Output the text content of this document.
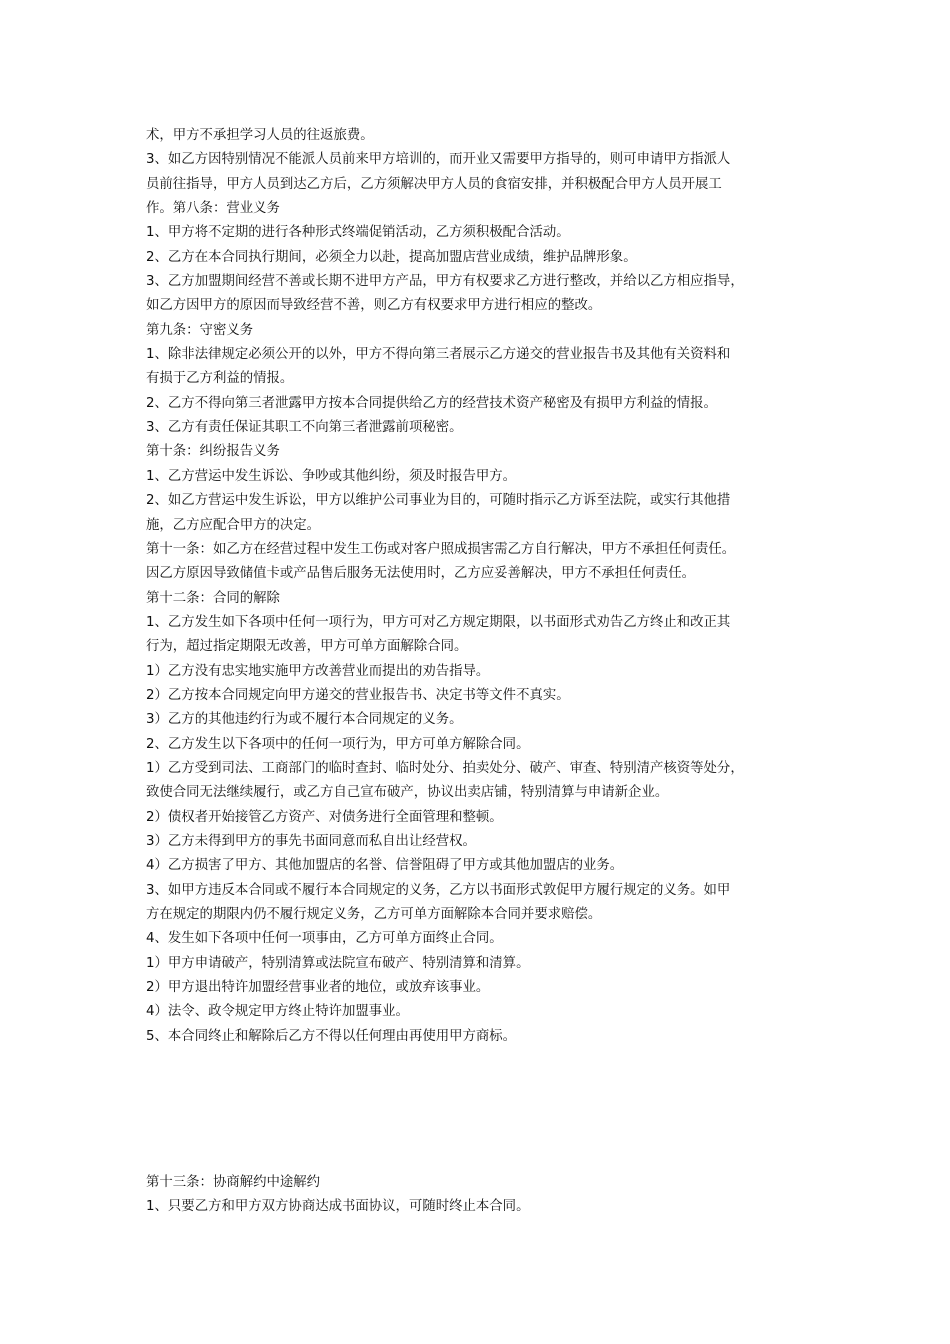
术，甲方不承担学习人员的往返旅费。
3、如乙方因特别情况不能派人员前来甲方培训的，而开业又需要甲方指导的，则可申请甲方指派人
员前往指导，甲方人员到达乙方后，乙方须解决甲方人员的食宿安排，并积极配合甲方人员开展工
作。第八条：营业义务
1、甲方将不定期的进行各种形式终端促销活动，乙方须积极配合活动。
2、乙方在本合同执行期间，必须全力以赴，提高加盟店营业成绩，维护品牌形象。
3、乙方加盟期间经营不善或长期不进甲方产品，甲方有权要求乙方进行整改，并给以乙方相应指导，
如乙方因甲方的原因而导致经营不善，则乙方有权要求甲方进行相应的整改。
第九条：守密义务
1、除非法律规定必须公开的以外，甲方不得向第三者展示乙方递交的营业报告书及其他有关资料和
有损于乙方利益的情报。
2、乙方不得向第三者泄露甲方按本合同提供给乙方的经营技术资产秘密及有损甲方利益的情报。
3、乙方有责任保证其职工不向第三者泄露前项秘密。
第十条：纠纷报告义务
1、乙方营运中发生诉讼、争吵或其他纠纷，须及时报告甲方。
2、如乙方营运中发生诉讼，甲方以维护公司事业为目的，可随时指示乙方诉至法院，或实行其他措
施，乙方应配合甲方的决定。
第十一条：如乙方在经营过程中发生工伤或对客户照成损害需乙方自行解决，甲方不承担任何责任。
因乙方原因导致储值卡或产品售后服务无法使用时，乙方应妥善解决，甲方不承担任何责任。
第十二条：合同的解除
1、乙方发生如下各项中任何一项行为，甲方可对乙方规定期限，以书面形式劝告乙方终止和改正其
行为，超过指定期限无改善，甲方可单方面解除合同。
1）乙方没有忠实地实施甲方改善营业而提出的劝告指导。
2）乙方按本合同规定向甲方递交的营业报告书、决定书等文件不真实。
3）乙方的其他违约行为或不履行本合同规定的义务。
2、乙方发生以下各项中的任何一项行为，甲方可单方解除合同。
1）乙方受到司法、工商部门的临时查封、临时处分、拍卖处分、破产、审查、特别清产核资等处分，
致使合同无法继续履行，或乙方自己宣布破产，协议出卖店铺，特别清算与申请新企业。
2）债权者开始接管乙方资产、对债务进行全面管理和整顿。
3）乙方未得到甲方的事先书面同意而私自出让经营权。
4）乙方损害了甲方、其他加盟店的名誉、信誉阻碍了甲方或其他加盟店的业务。
3、如甲方违反本合同或不履行本合同规定的义务，乙方以书面形式敦促甲方履行规定的义务。如甲
方在规定的期限内仍不履行规定义务，乙方可单方面解除本合同并要求赔偿。
4、发生如下各项中任何一项事由，乙方可单方面终止合同。
1）甲方申请破产，特别清算或法院宣布破产、特别清算和清算。
2）甲方退出特许加盟经营事业者的地位，或放弃该事业。
4）法令、政令规定甲方终止特许加盟事业。
5、本合同终止和解除后乙方不得以任何理由再使用甲方商标。
第十三条：协商解约中途解约
1、只要乙方和甲方双方协商达成书面协议，可随时终止本合同。
